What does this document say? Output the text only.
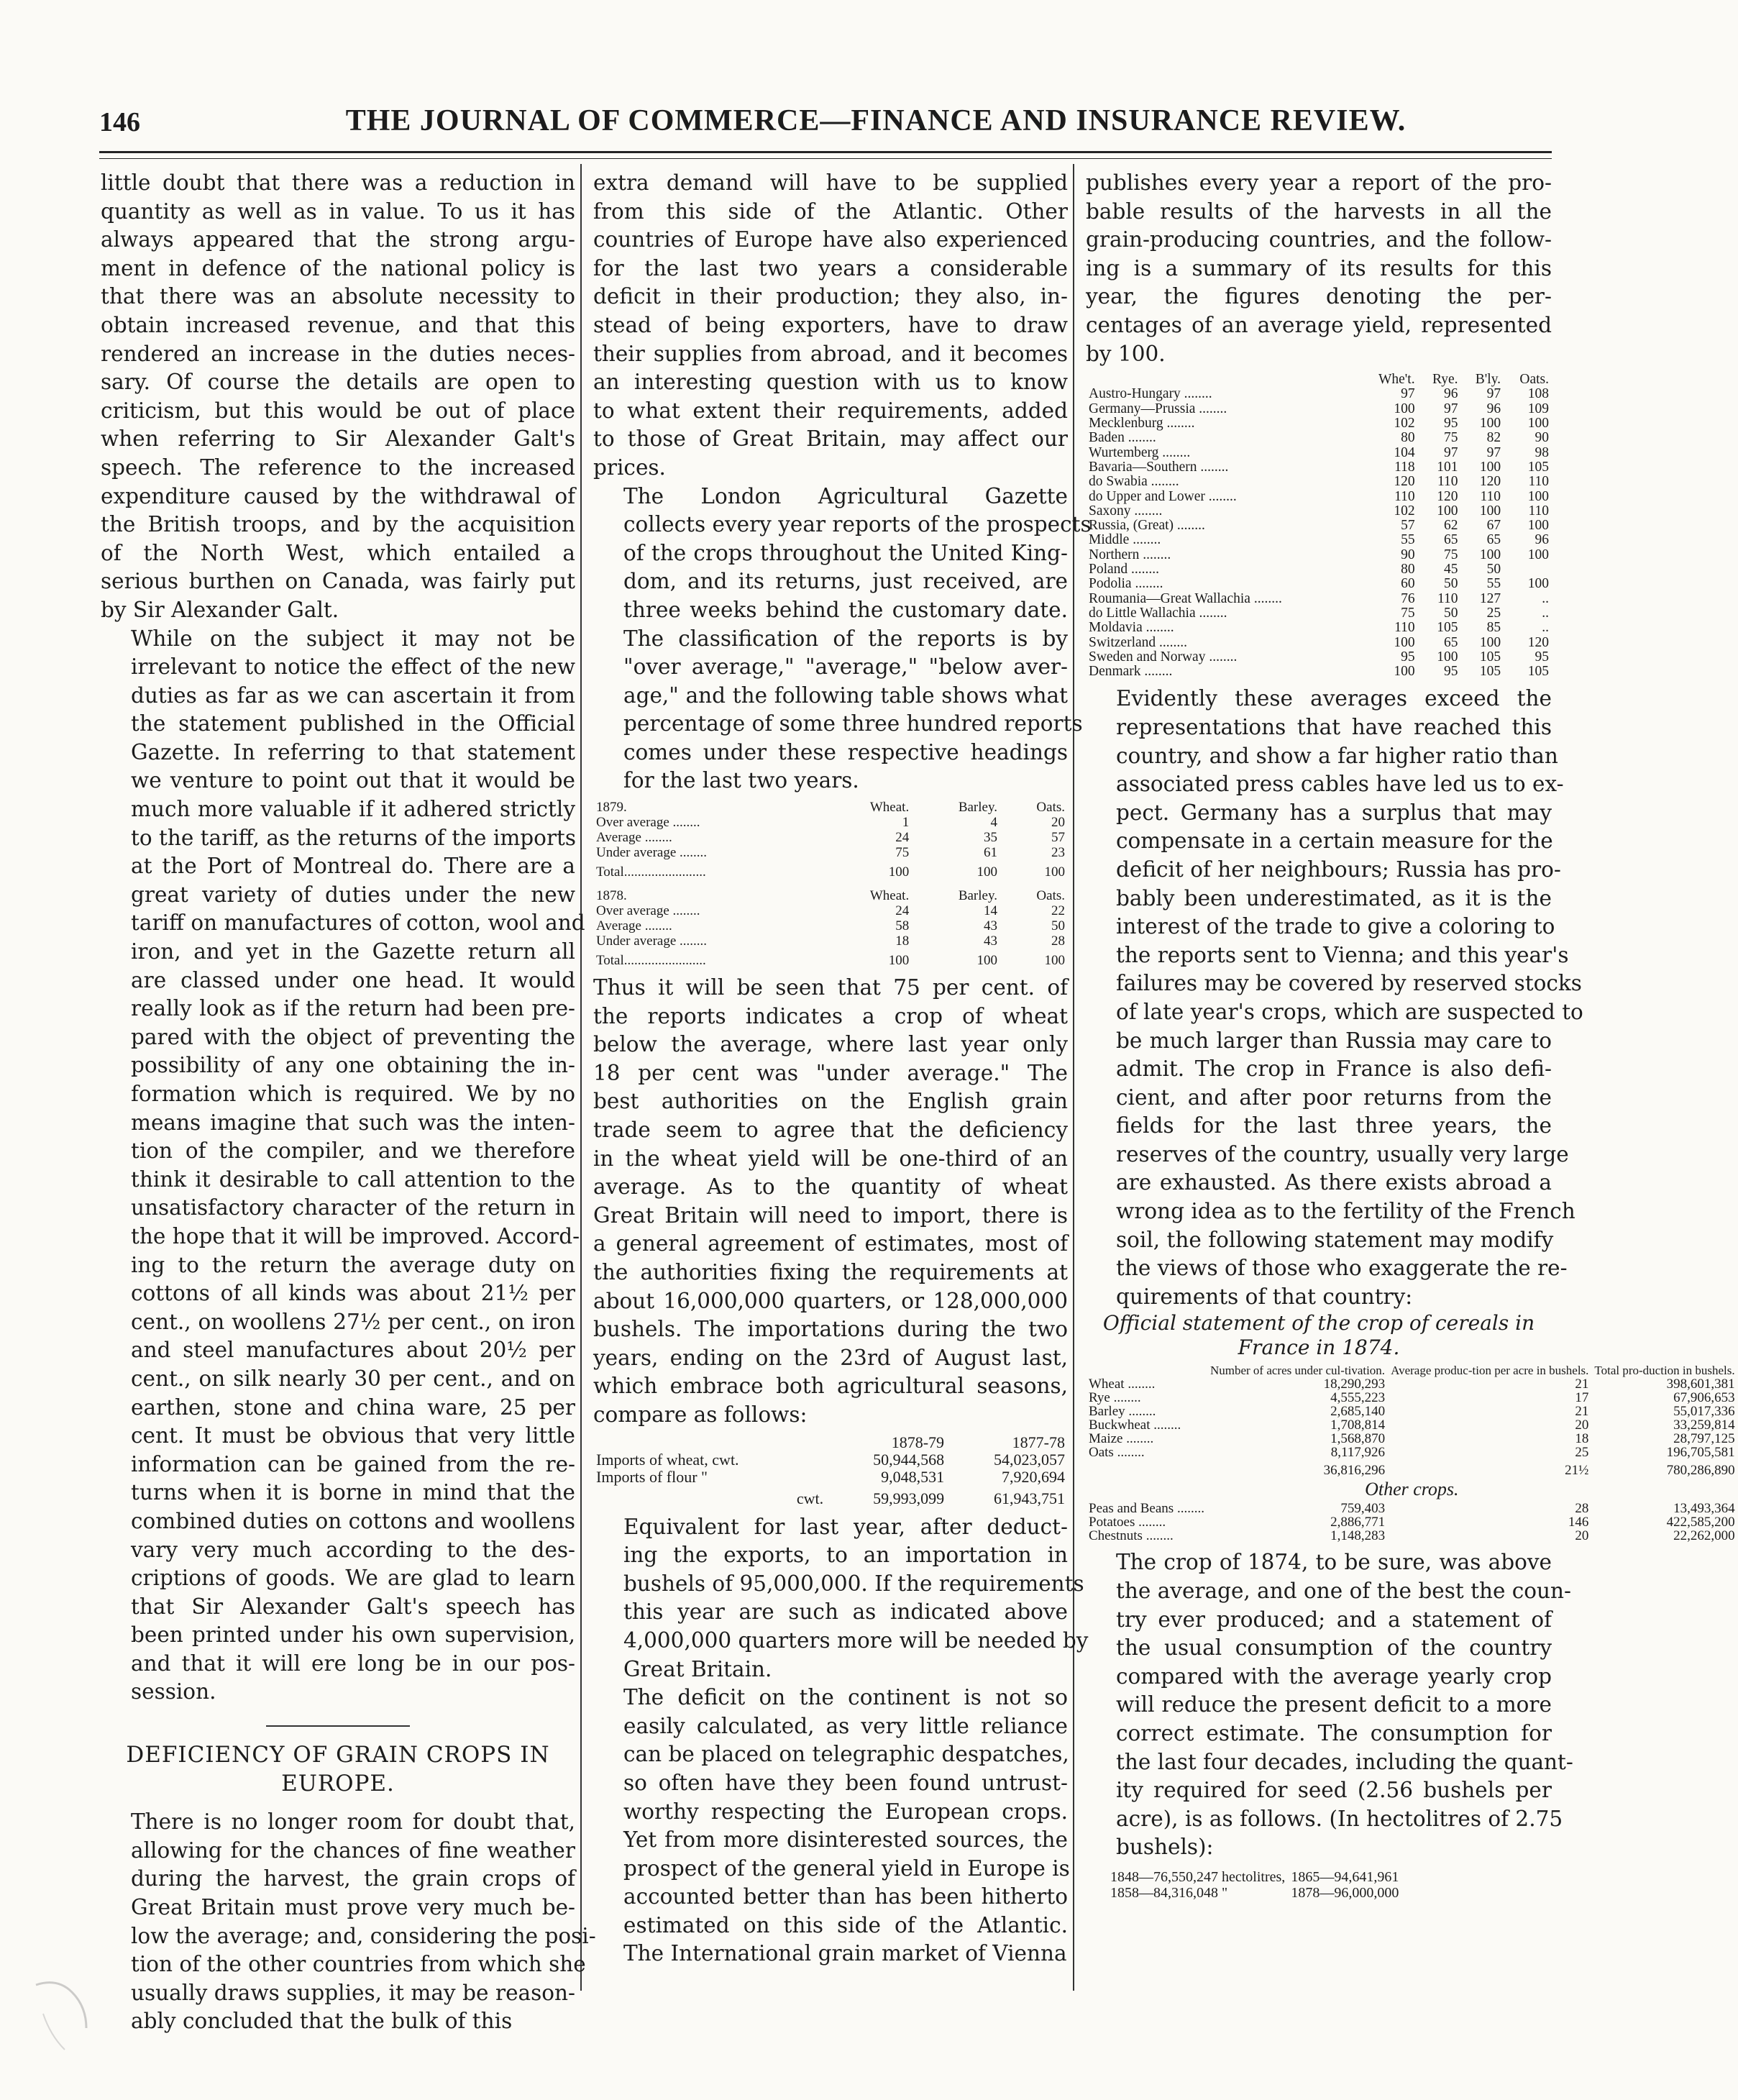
146	THE JOURNAL OF COMMERCE—FINANCE AND INSURANCE REVIEW.

little doubt that there was a reduction in
quantity as well as in value. To us it has
always appeared that the strong argu-
ment in defence of the national policy is
that there was an absolute necessity to
obtain increased revenue, and that this
rendered an increase in the duties neces-
sary. Of course the details are open to
criticism, but this would be out of place
when referring to Sir Alexander Galt's
speech. The reference to the increased
expenditure caused by the withdrawal of
the British troops, and by the acquisition
of the North West, which entailed a
serious burthen on Canada, was fairly put
by Sir Alexander Galt.

While on the subject it may not be
irrelevant to notice the effect of the new
duties as far as we can ascertain it from
the statement published in the Official
Gazette. In referring to that statement
we venture to point out that it would be
much more valuable if it adhered strictly
to the tariff, as the returns of the imports
at the Port of Montreal do. There are a
great variety of duties under the new
tariff on manufactures of cotton, wool and
iron, and yet in the Gazette return all
are classed under one head. It would
really look as if the return had been pre-
pared with the object of preventing the
possibility of any one obtaining the in-
formation which is required. We by no
means imagine that such was the inten-
tion of the compiler, and we therefore
think it desirable to call attention to the
unsatisfactory character of the return in
the hope that it will be improved. Accord-
ing to the return the average duty on
cottons of all kinds was about 21½ per
cent., on woollens 27½ per cent., on iron
and steel manufactures about 20½ per
cent., on silk nearly 30 per cent., and on
earthen, stone and china ware, 25 per
cent. It must be obvious that very little
information can be gained from the re-
turns when it is borne in mind that the
combined duties on cottons and woollens
vary very much according to the des-
criptions of goods. We are glad to learn
that Sir Alexander Galt's speech has
been printed under his own supervision,
and that it will ere long be in our pos-
session.

DEFICIENCY OF GRAIN CROPS IN
EUROPE.

There is no longer room for doubt that,
allowing for the chances of fine weather
during the harvest, the grain crops of
Great Britain must prove very much be-
low the average; and, considering the posi-
tion of the other countries from which she
usually draws supplies, it may be reason-
ably concluded that the bulk of this

extra demand will have to be supplied
from this side of the Atlantic. Other
countries of Europe have also experienced
for the last two years a considerable
deficit in their production; they also, in-
stead of being exporters, have to draw
their supplies from abroad, and it becomes
an interesting question with us to know
to what extent their requirements, added
to those of Great Britain, may affect our
prices.

The London Agricultural Gazette
collects every year reports of the prospects
of the crops throughout the United King-
dom, and its returns, just received, are
three weeks behind the customary date.
The classification of the reports is by
"over average," "average," "below aver-
age," and the following table shows what
percentage of some three hundred reports
comes under these respective headings
for the last two years.

1879.	Wheat.	Barley.	Oats.
Over average ........	1	4	20
Average ........	24	35	57
Under average ........	75	61	23
Total........................	100	100	100
1878.	Wheat.	Barley.	Oats.
Over average ........	24	14	22
Average ........	58	43	50
Under average ........	18	43	28
Total........................	100	100	100

Thus it will be seen that 75 per cent. of
the reports indicates a crop of wheat
below the average, where last year only
18 per cent was "under average." The
best authorities on the English grain
trade seem to agree that the deficiency
in the wheat yield will be one-third of an
average. As to the quantity of wheat
Great Britain will need to import, there is
a general agreement of estimates, most of
the authorities fixing the requirements at
about 16,000,000 quarters, or 128,000,000
bushels. The importations during the two
years, ending on the 23rd of August last,
which embrace both agricultural seasons,
compare as follows:

	1878-79	1877-78
Imports of wheat, cwt.	50,944,568	54,023,057
Imports of flour "	9,048,531	7,920,694
cwt.	59,993,099	61,943,751

Equivalent for last year, after deduct-
ing the exports, to an importation in
bushels of 95,000,000. If the requirements
this year are such as indicated above
4,000,000 quarters more will be needed by
Great Britain.

The deficit on the continent is not so
easily calculated, as very little reliance
can be placed on telegraphic despatches,
so often have they been found untrust-
worthy respecting the European crops.
Yet from more disinterested sources, the
prospect of the general yield in Europe is
accounted better than has been hitherto
estimated on this side of the Atlantic.
The International grain market of Vienna

publishes every year a report of the pro-
bable results of the harvests in all the
grain-producing countries, and the follow-
ing is a summary of its results for this
year, the figures denoting the per-
centages of an average yield, represented
by 100.

	Whe't.	Rye.	B'ly.	Oats.
Austro-Hungary ........	97	96	97	108
Germany—Prussia ........	100	97	96	109
Mecklenburg ........	102	95	100	100
Baden ........	80	75	82	90
Wurtemberg ........	104	97	97	98
Bavaria—Southern ........	118	101	100	105
do Swabia ........	120	110	120	110
do Upper and Lower ........	110	120	110	100
Saxony ........	102	100	100	110
Russia, (Great) ........	57	62	67	100
Middle ........	55	65	65	96
Northern ........	90	75	100	100
Poland ........	80	45	50	
Podolia ........	60	50	55	100
Roumania—Great Wallachia ........	76	110	127	..
do Little Wallachia ........	75	50	25	..
Moldavia ........	110	105	85	..
Switzerland ........	100	65	100	120
Sweden and Norway ........	95	100	105	95
Denmark ........	100	95	105	105

Evidently these averages exceed the
representations that have reached this
country, and show a far higher ratio than
associated press cables have led us to ex-
pect. Germany has a surplus that may
compensate in a certain measure for the
deficit of her neighbours; Russia has pro-
bably been underestimated, as it is the
interest of the trade to give a coloring to
the reports sent to Vienna; and this year's
failures may be covered by reserved stocks
of late year's crops, which are suspected to
be much larger than Russia may care to
admit. The crop in France is also defi-
cient, and after poor returns from the
fields for the last three years, the
reserves of the country, usually very large
are exhausted. As there exists abroad a
wrong idea as to the fertility of the French
soil, the following statement may modify
the views of those who exaggerate the re-
quirements of that country:

Official statement of the crop of cereals in
France in 1874.
	Number of acres under cul-tivation.	Average produc-tion per acre in bushels.	Total pro-duction in bushels.
Wheat ........	18,290,293	21	398,601,381
Rye ........	4,555,223	17	67,906,653
Barley ........	2,685,140	21	55,017,336
Buckwheat ........	1,708,814	20	33,259,814
Maize ........	1,568,870	18	28,797,125
Oats ........	8,117,926	25	196,705,581
	36,816,296	21½	780,286,890
Other crops.			
Peas and Beans ........	759,403	28	13,493,364
Potatoes ........	2,886,771	146	422,585,200
Chestnuts ........	1,148,283	20	22,262,000

The crop of 1874, to be sure, was above
the average, and one of the best the coun-
try ever produced; and a statement of
the usual consumption of the country
compared with the average yearly crop
will reduce the present deficit to a more
correct estimate. The consumption for
the last four decades, including the quant-
ity required for seed (2.56 bushels per
acre), is as follows. (In hectolitres of 2.75
bushels):

1848—76,550,247 hectolitres,	1865—94,641,961
1858—84,316,048 "	1878—96,000,000
